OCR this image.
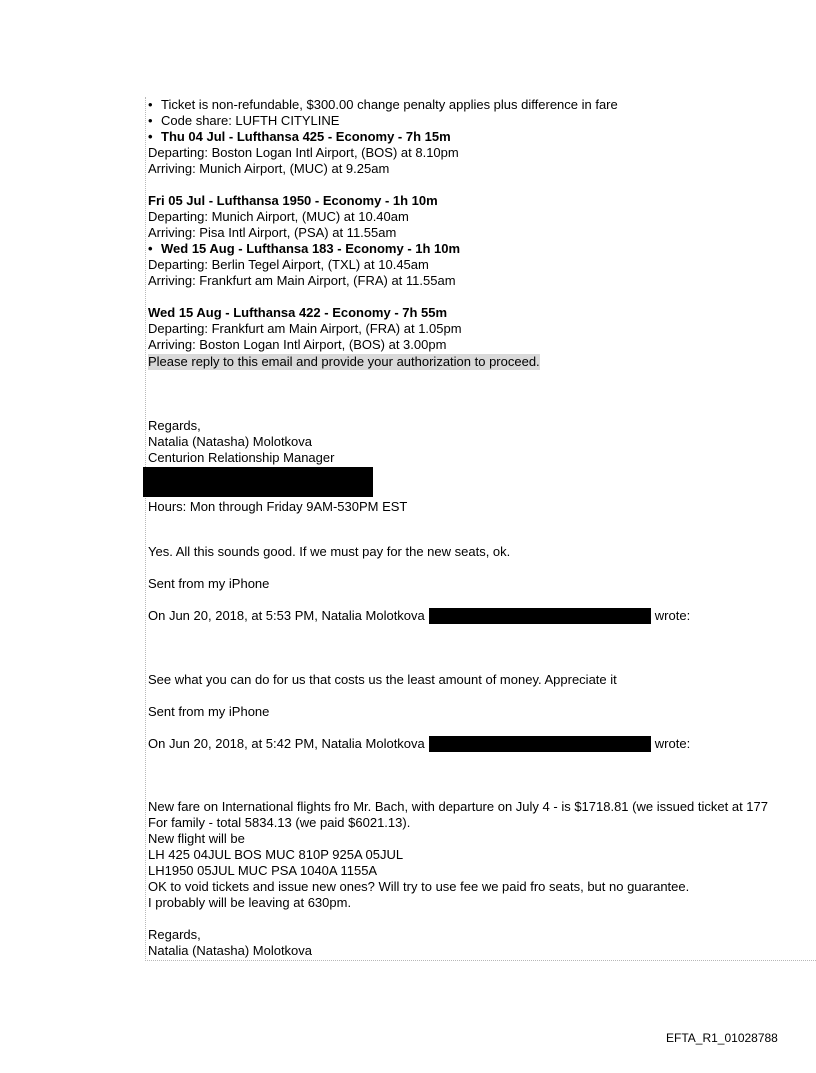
• Ticket is non-refundable, $300.00 change penalty applies plus difference in fare
• Code share: LUFTH CITYLINE
• Thu 04 Jul - Lufthansa 425 - Economy - 7h 15m
Departing: Boston Logan Intl Airport, (BOS) at 8.10pm
Arriving: Munich Airport, (MUC) at 9.25am
Fri 05 Jul - Lufthansa 1950 - Economy - 1h 10m
Departing: Munich Airport, (MUC) at 10.40am
Arriving: Pisa Intl Airport, (PSA) at 11.55am
• Wed 15 Aug - Lufthansa 183 - Economy - 1h 10m
Departing: Berlin Tegel Airport, (TXL) at 10.45am
Arriving: Frankfurt am Main Airport, (FRA) at 11.55am
Wed 15 Aug - Lufthansa 422 - Economy - 7h 55m
Departing: Frankfurt am Main Airport, (FRA) at 1.05pm
Arriving: Boston Logan Intl Airport, (BOS) at 3.00pm
Please reply to this email and provide your authorization to proceed.
Regards,
Natalia (Natasha) Molotkova
Centurion Relationship Manager
Hours: Mon through Friday 9AM-530PM EST
Yes. All this sounds good. If we must pay for the new seats, ok.
Sent from my iPhone
On Jun 20, 2018, at 5:53 PM, Natalia Molotkova	wrote:
See what you can do for us that costs us the least amount of money. Appreciate it
Sent from my iPhone
On Jun 20, 2018, at 5:42 PM, Natalia Molotkova	wrote:
New fare on International flights fro Mr. Bach, with departure on July 4 - is $1718.81 (we issued ticket at 177
For family - total 5834.13 (we paid $6021.13).
New flight will be
LH 425 04JUL BOS MUC 810P 925A 05JUL
LH1950 05JUL MUC PSA 1040A 1155A
OK to void tickets and issue new ones? Will try to use fee we paid fro seats, but no guarantee.
I probably will be leaving at 630pm.
Regards,
Natalia (Natasha) Molotkova
EFTA_R1_01028788
